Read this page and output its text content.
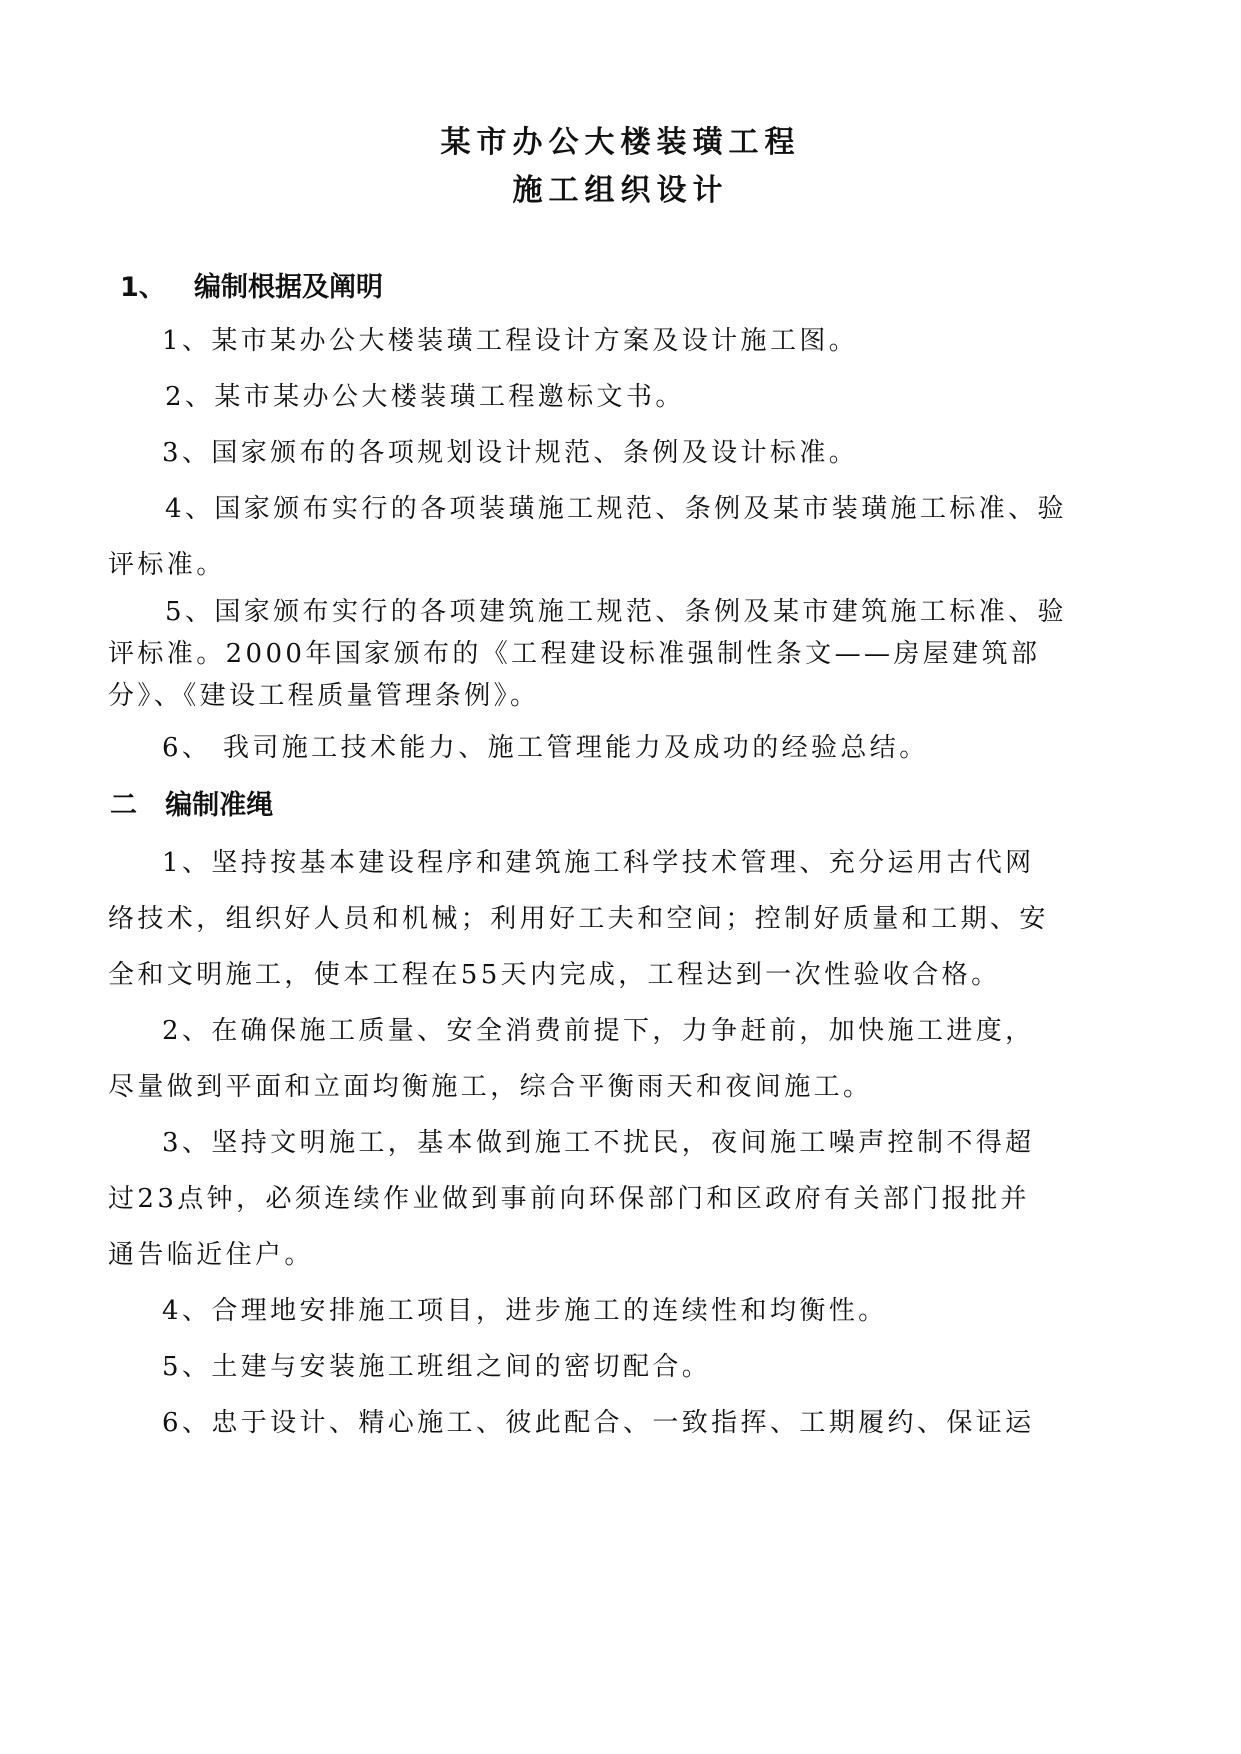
某市办公大楼装璜工程
施工组织设计
1、   编制根据及阐明
1、某市某办公大楼装璜工程设计方案及设计施工图。
2、某市某办公大楼装璜工程邀标文书。
3、国家颁布的各项规划设计规范、条例及设计标准。
4、国家颁布实行的各项装璜施工规范、条例及某市装璜施工标准、验
评标准。
5、国家颁布实行的各项建筑施工规范、条例及某市建筑施工标准、验
评标准。2000年国家颁布的《工程建设标准强制性条文——房屋建筑部
分》、《建设工程质量管理条例》。
6、 我司施工技术能力、施工管理能力及成功的经验总结。
二   编制准绳
1、坚持按基本建设程序和建筑施工科学技术管理、充分运用古代网
络技术，组织好人员和机械；利用好工夫和空间；控制好质量和工期、安
全和文明施工，使本工程在55天内完成，工程达到一次性验收合格。
2、在确保施工质量、安全消费前提下，力争赶前，加快施工进度，
尽量做到平面和立面均衡施工，综合平衡雨天和夜间施工。
3、坚持文明施工，基本做到施工不扰民，夜间施工噪声控制不得超
过23点钟，必须连续作业做到事前向环保部门和区政府有关部门报批并
通告临近住户。
4、合理地安排施工项目，进步施工的连续性和均衡性。
5、土建与安装施工班组之间的密切配合。
6、忠于设计、精心施工、彼此配合、一致指挥、工期履约、保证运
